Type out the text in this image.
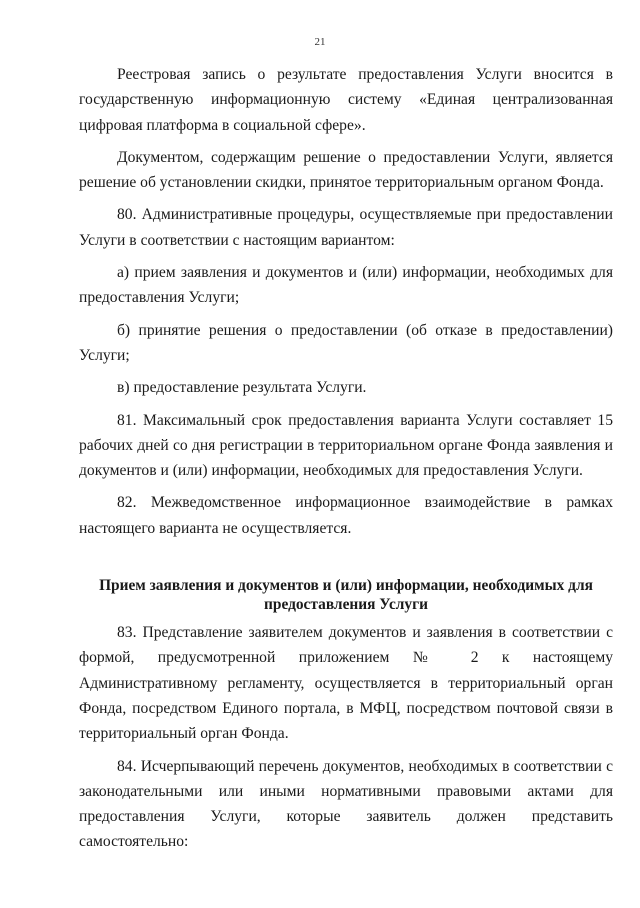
21

Реестровая запись о результате предоставления Услуги вносится в государственную информационную систему «Единая централизованная цифровая платформа в социальной сфере».

Документом, содержащим решение о предоставлении Услуги, является решение об установлении скидки, принятое территориальным органом Фонда.

80. Административные процедуры, осуществляемые при предоставлении Услуги в соответствии с настоящим вариантом:

а) прием заявления и документов и (или) информации, необходимых для предоставления Услуги;

б) принятие решения о предоставлении (об отказе в предоставлении) Услуги;

в) предоставление результата Услуги.

81. Максимальный срок предоставления варианта Услуги составляет 15 рабочих дней со дня регистрации в территориальном органе Фонда заявления и документов и (или) информации, необходимых для предоставления Услуги.

82. Межведомственное информационное взаимодействие в рамках настоящего варианта не осуществляется.

Прием заявления и документов и (или) информации, необходимых для
предоставления Услуги

83. Представление заявителем документов и заявления в соответствии с формой, предусмотренной приложением № 2 к настоящему Административному регламенту, осуществляется в территориальный орган Фонда, посредством Единого портала, в МФЦ, посредством почтовой связи в территориальный орган Фонда.

84. Исчерпывающий перечень документов, необходимых в соответствии с законодательными или иными нормативными правовыми актами для предоставления Услуги, которые заявитель должен представить самостоятельно:
